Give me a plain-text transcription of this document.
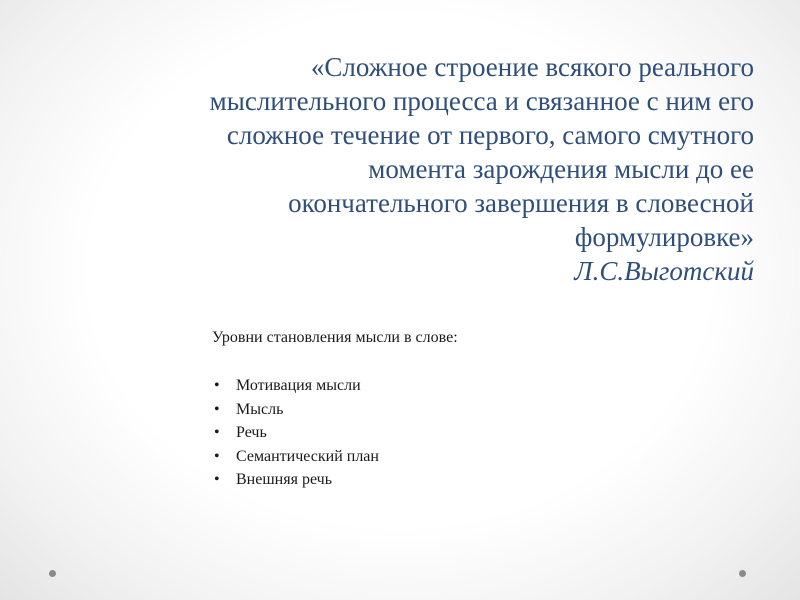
«Сложное строение всякого реального
мыслительного процесса и связанное с ним его
сложное течение от первого, самого смутного
момента зарождения мысли до ее
окончательного завершения в словесной
формулировке»
Л.С.Выготский
Уровни становления мысли в слове:
• Мотивация мысли
• Мысль
• Речь
• Семантический план
• Внешняя речь
